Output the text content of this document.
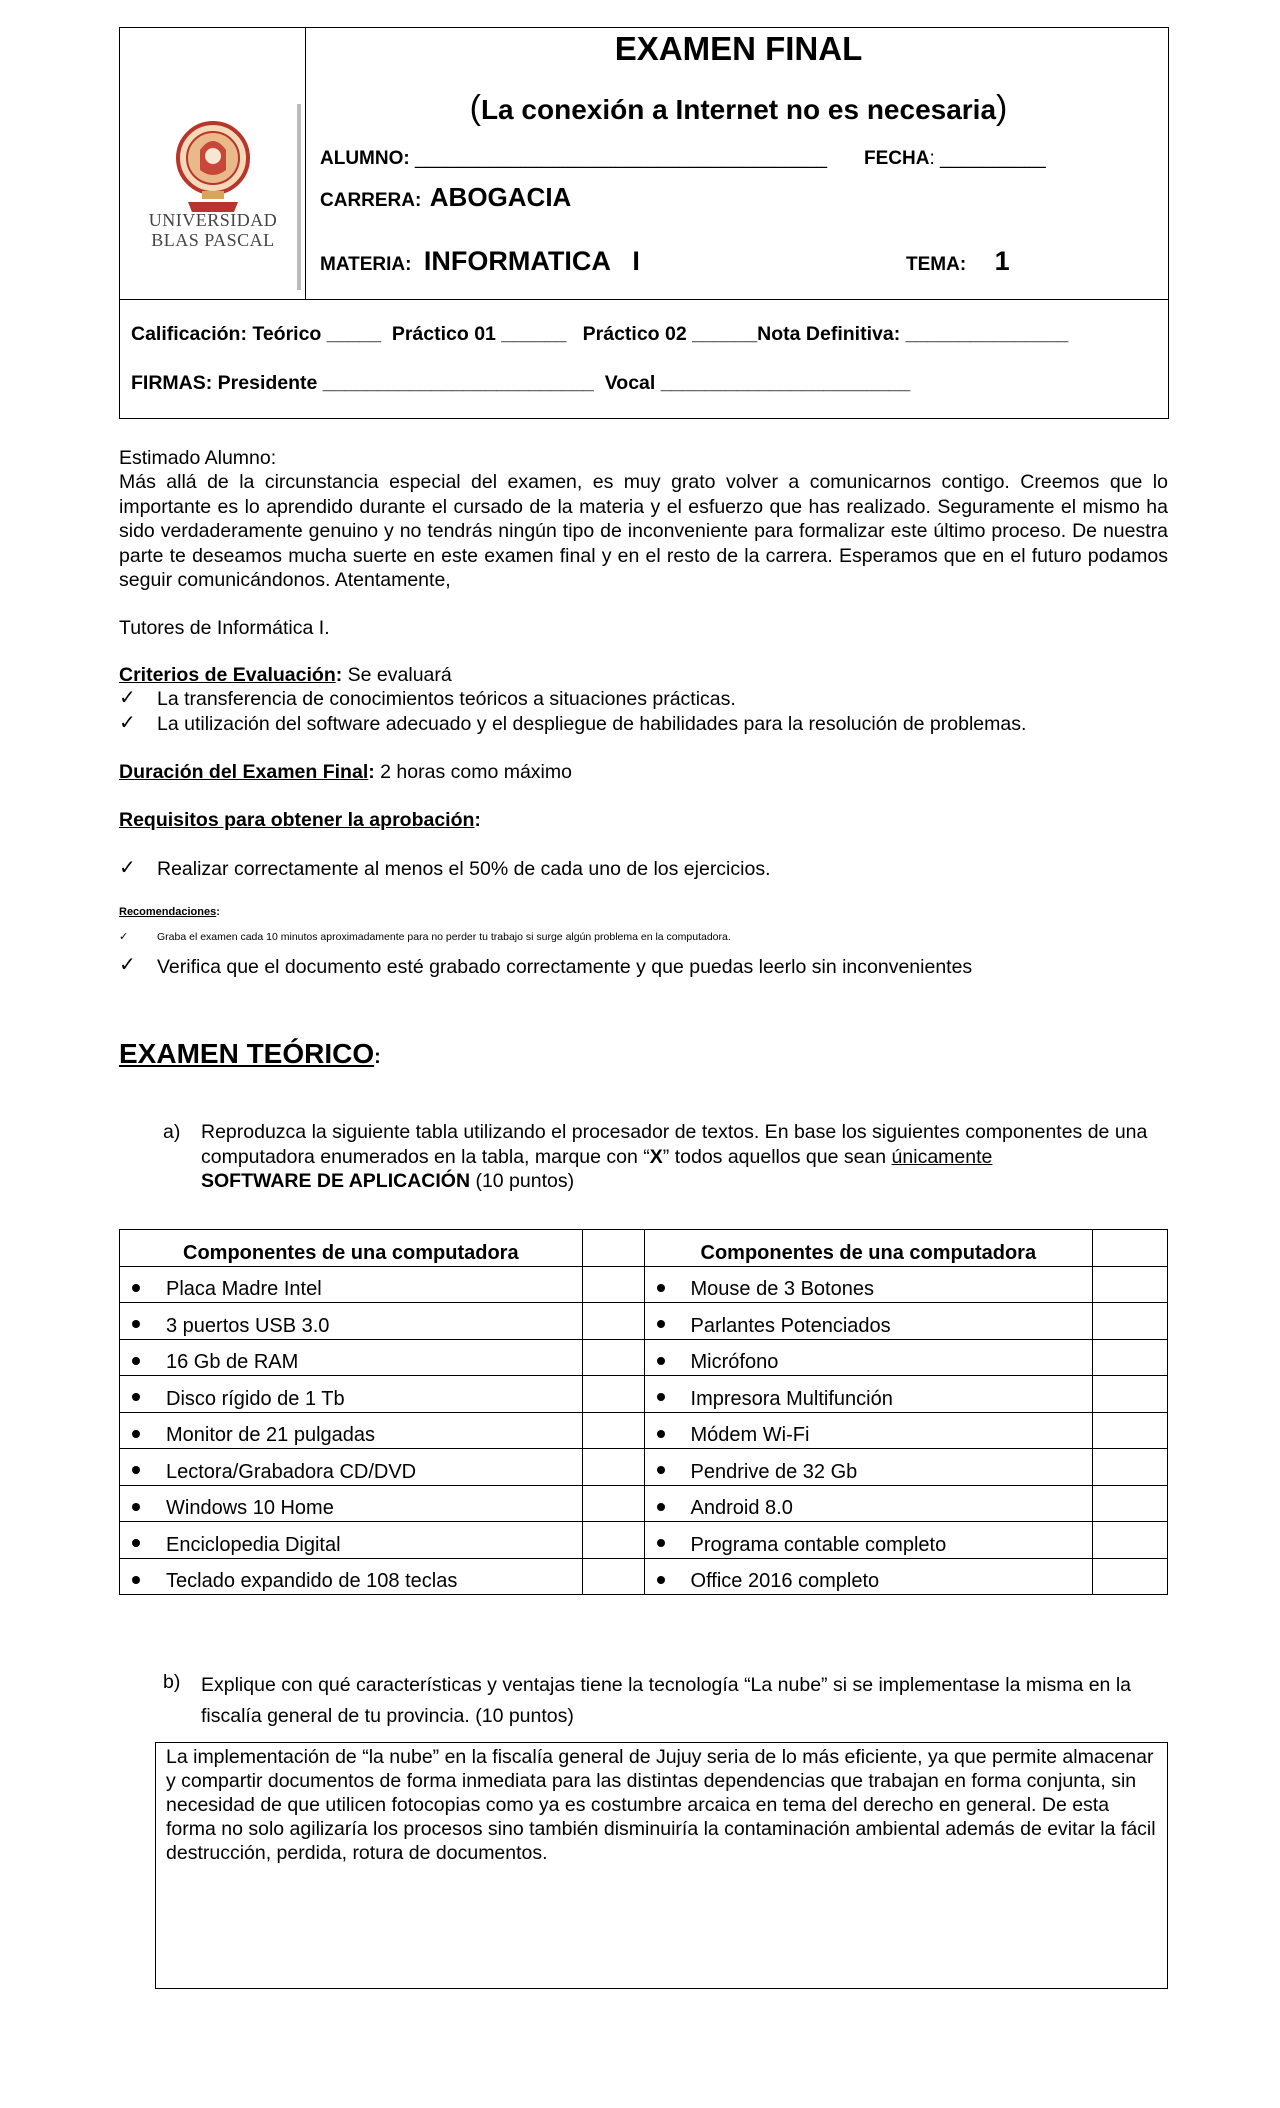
UNIVERSIDAD
BLAS PASCAL
EXAMEN FINAL
(La conexión a Internet no es necesaria)
ALUMNO: _______________________________________ FECHA: __________
CARRERA: ABOGACIA
MATERIA: INFORMATICA   I	TEMA: 1
Calificación: Teórico _____  Práctico 01 ______   Práctico 02 ______Nota Definitiva: _______________
FIRMAS: Presidente _________________________  Vocal _______________________
Estimado Alumno:
Más allá de la circunstancia especial del examen, es muy grato volver a comunicarnos contigo. Creemos que lo importante es lo aprendido durante el cursado de la materia y el esfuerzo que has realizado. Seguramente el mismo ha sido verdaderamente genuino y no tendrás ningún tipo de inconveniente para formalizar este último proceso. De nuestra parte te deseamos mucha suerte en este examen final y en el resto de la carrera. Esperamos que en el futuro podamos seguir comunicándonos. Atentamente,
Tutores de Informática I.
Criterios de Evaluación: Se evaluará
✓ La transferencia de conocimientos teóricos a situaciones prácticas.
✓ La utilización del software adecuado y el despliegue de habilidades para la resolución de problemas.
Duración del Examen Final: 2 horas como máximo
Requisitos para obtener la aprobación:
✓ Realizar correctamente al menos el 50% de cada uno de los ejercicios.
Recomendaciones:
✓	Graba el examen cada 10 minutos aproximadamente para no perder tu trabajo si surge algún problema en la computadora.
✓ Verifica que el documento esté grabado correctamente y que puedas leerlo sin inconvenientes
EXAMEN TEÓRICO:
a) Reproduzca la siguiente tabla utilizando el procesador de textos. En base los siguientes componentes de una computadora enumerados en la tabla, marque con “X” todos aquellos que sean únicamente
SOFTWARE DE APLICACIÓN (10 puntos)
Componentes de una computadora		Componentes de una computadora	
Placa Madre Intel		Mouse de 3 Botones	
3 puertos USB 3.0		Parlantes Potenciados	
16 Gb de RAM		Micrófono	
Disco rígido de 1 Tb		Impresora Multifunción	
Monitor de 21 pulgadas		Módem Wi-Fi	
Lectora/Grabadora CD/DVD		Pendrive de 32 Gb	
Windows 10 Home		Android 8.0	
Enciclopedia Digital		Programa contable completo	
Teclado expandido de 108 teclas		Office 2016 completo	
b) Explique con qué características y ventajas tiene la tecnología “La nube” si se implementase la misma en la fiscalía general de tu provincia. (10 puntos)
La implementación de “la nube” en la fiscalía general de Jujuy seria de lo más eficiente, ya que permite almacenar y compartir documentos de forma inmediata para las distintas dependencias que trabajan en forma conjunta, sin necesidad de que utilicen fotocopias como ya es costumbre arcaica en tema del derecho en general. De esta forma no solo agilizaría los procesos sino también disminuiría la contaminación ambiental además de evitar la fácil destrucción, perdida, rotura de documentos.
